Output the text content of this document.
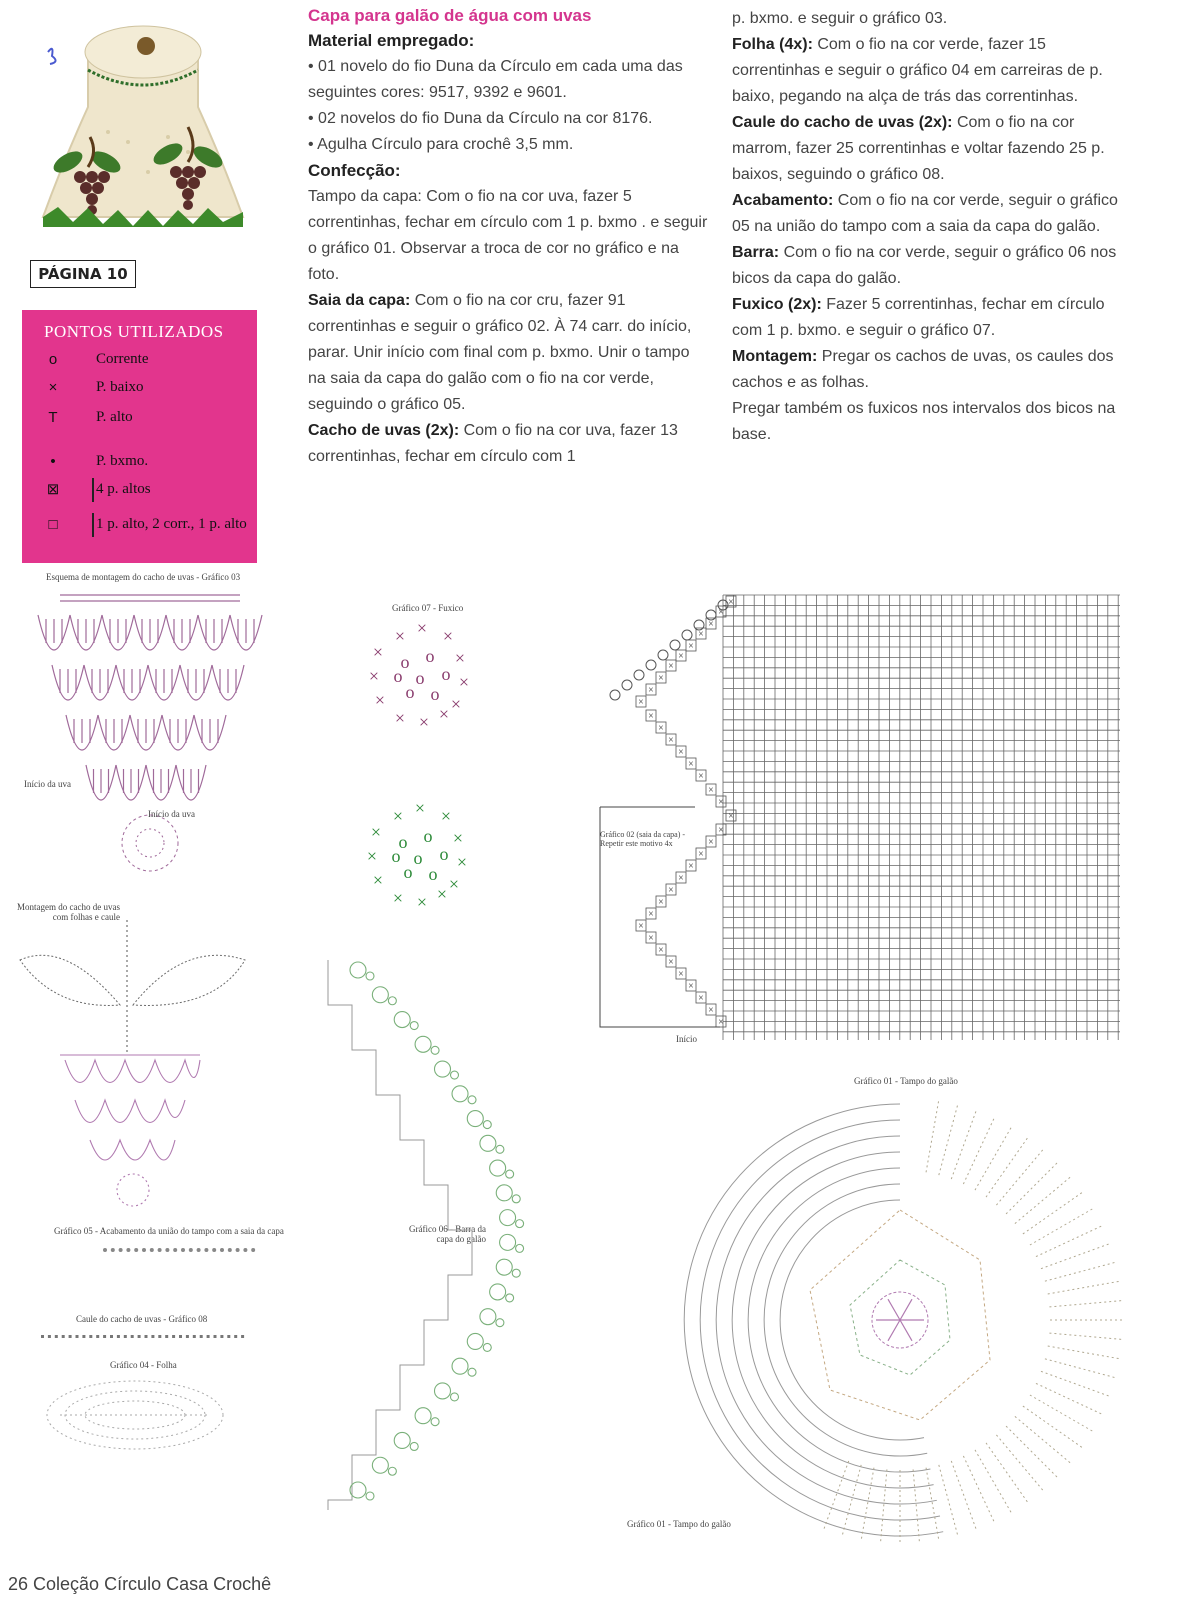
PÁGINA 10
PONTOS UTILIZADOS
o	Corrente
×	P. baixo
T	P. alto
•	P. bxmo.
⊠	4 p. altos
□	1 p. alto, 2 corr., 1 p. alto

Capa para galão de água com uvas

Material empregado:

• 01 novelo do fio Duna da Círculo em cada uma das seguintes cores: 9517, 9392 e 9601.

• 02 novelos do fio Duna da Círculo na cor 8176.

• Agulha Círculo para crochê 3,5 mm.

Confecção:

Tampo da capa: Com o fio na cor uva, fazer 5 correntinhas, fechar em círculo com 1 p. bxmo . e seguir o gráfico 01. Observar a troca de cor no gráfico e na foto.

Saia da capa: Com o fio na cor cru, fazer 91 correntinhas e seguir o gráfico 02. À 74 carr. do início, parar. Unir início com final com p. bxmo. Unir o tampo na saia da capa do galão com o fio na cor verde, seguindo o gráfico 05.

Cacho de uvas (2x): Com o fio na cor uva, fazer 13 correntinhas, fechar em círculo com 1

p. bxmo. e seguir o gráfico 03.

Folha (4x): Com o fio na cor verde, fazer 15 correntinhas e seguir o gráfico 04 em carreiras de p. baixo, pegando na alça de trás das correntinhas.

Caule do cacho de uvas (2x): Com o fio na cor marrom, fazer 25 correntinhas e voltar fazendo 25 p. baixos, seguindo o gráfico 08.

Acabamento: Com o fio na cor verde, seguir o gráfico 05 na união do tampo com a saia da capa do galão.

Barra: Com o fio na cor verde, seguir o gráfico 06 nos bicos da capa do galão.

Fuxico (2x): Fazer 5 correntinhas, fechar em círculo com 1 p. bxmo. e seguir o gráfico 07.

Montagem: Pregar os cachos de uvas, os caules dos cachos e as folhas.

Pregar também os fuxicos nos intervalos dos bicos na base.

Esquema de montagem do cacho de uvas - Gráfico 03
Início da uva
Início da uva
Montagem do cacho de uvas
com folhas e caule
Gráfico 05 - Acabamento da união do tampo com a saia da capa
Caule do cacho de uvas - Gráfico 08
Gráfico 04 - Folha
Gráfico 07 - Fuxico
×
× ×
×	×
×	×
×	×
× × ×
o o
o
o
o
o o
×
× ×
×	×
×	×
×	×
× × ×
o o
o
o
o
o o
Gráfico 06 - Barra da
capa do galão
×
×
×
×
×
×
×
×
×
×
×
×
×
×
×
×
×
×
×
×
×
×
×
×
×
×
×
×
×
×
×
×
×
×
×
×
Gráfico 02 (saia da capa) -
Repetir este motivo 4x
Início
Gráfico 01 - Tampo do galão
Gráfico 01 - Tampo do galão
26 Coleção Círculo Casa Crochê
